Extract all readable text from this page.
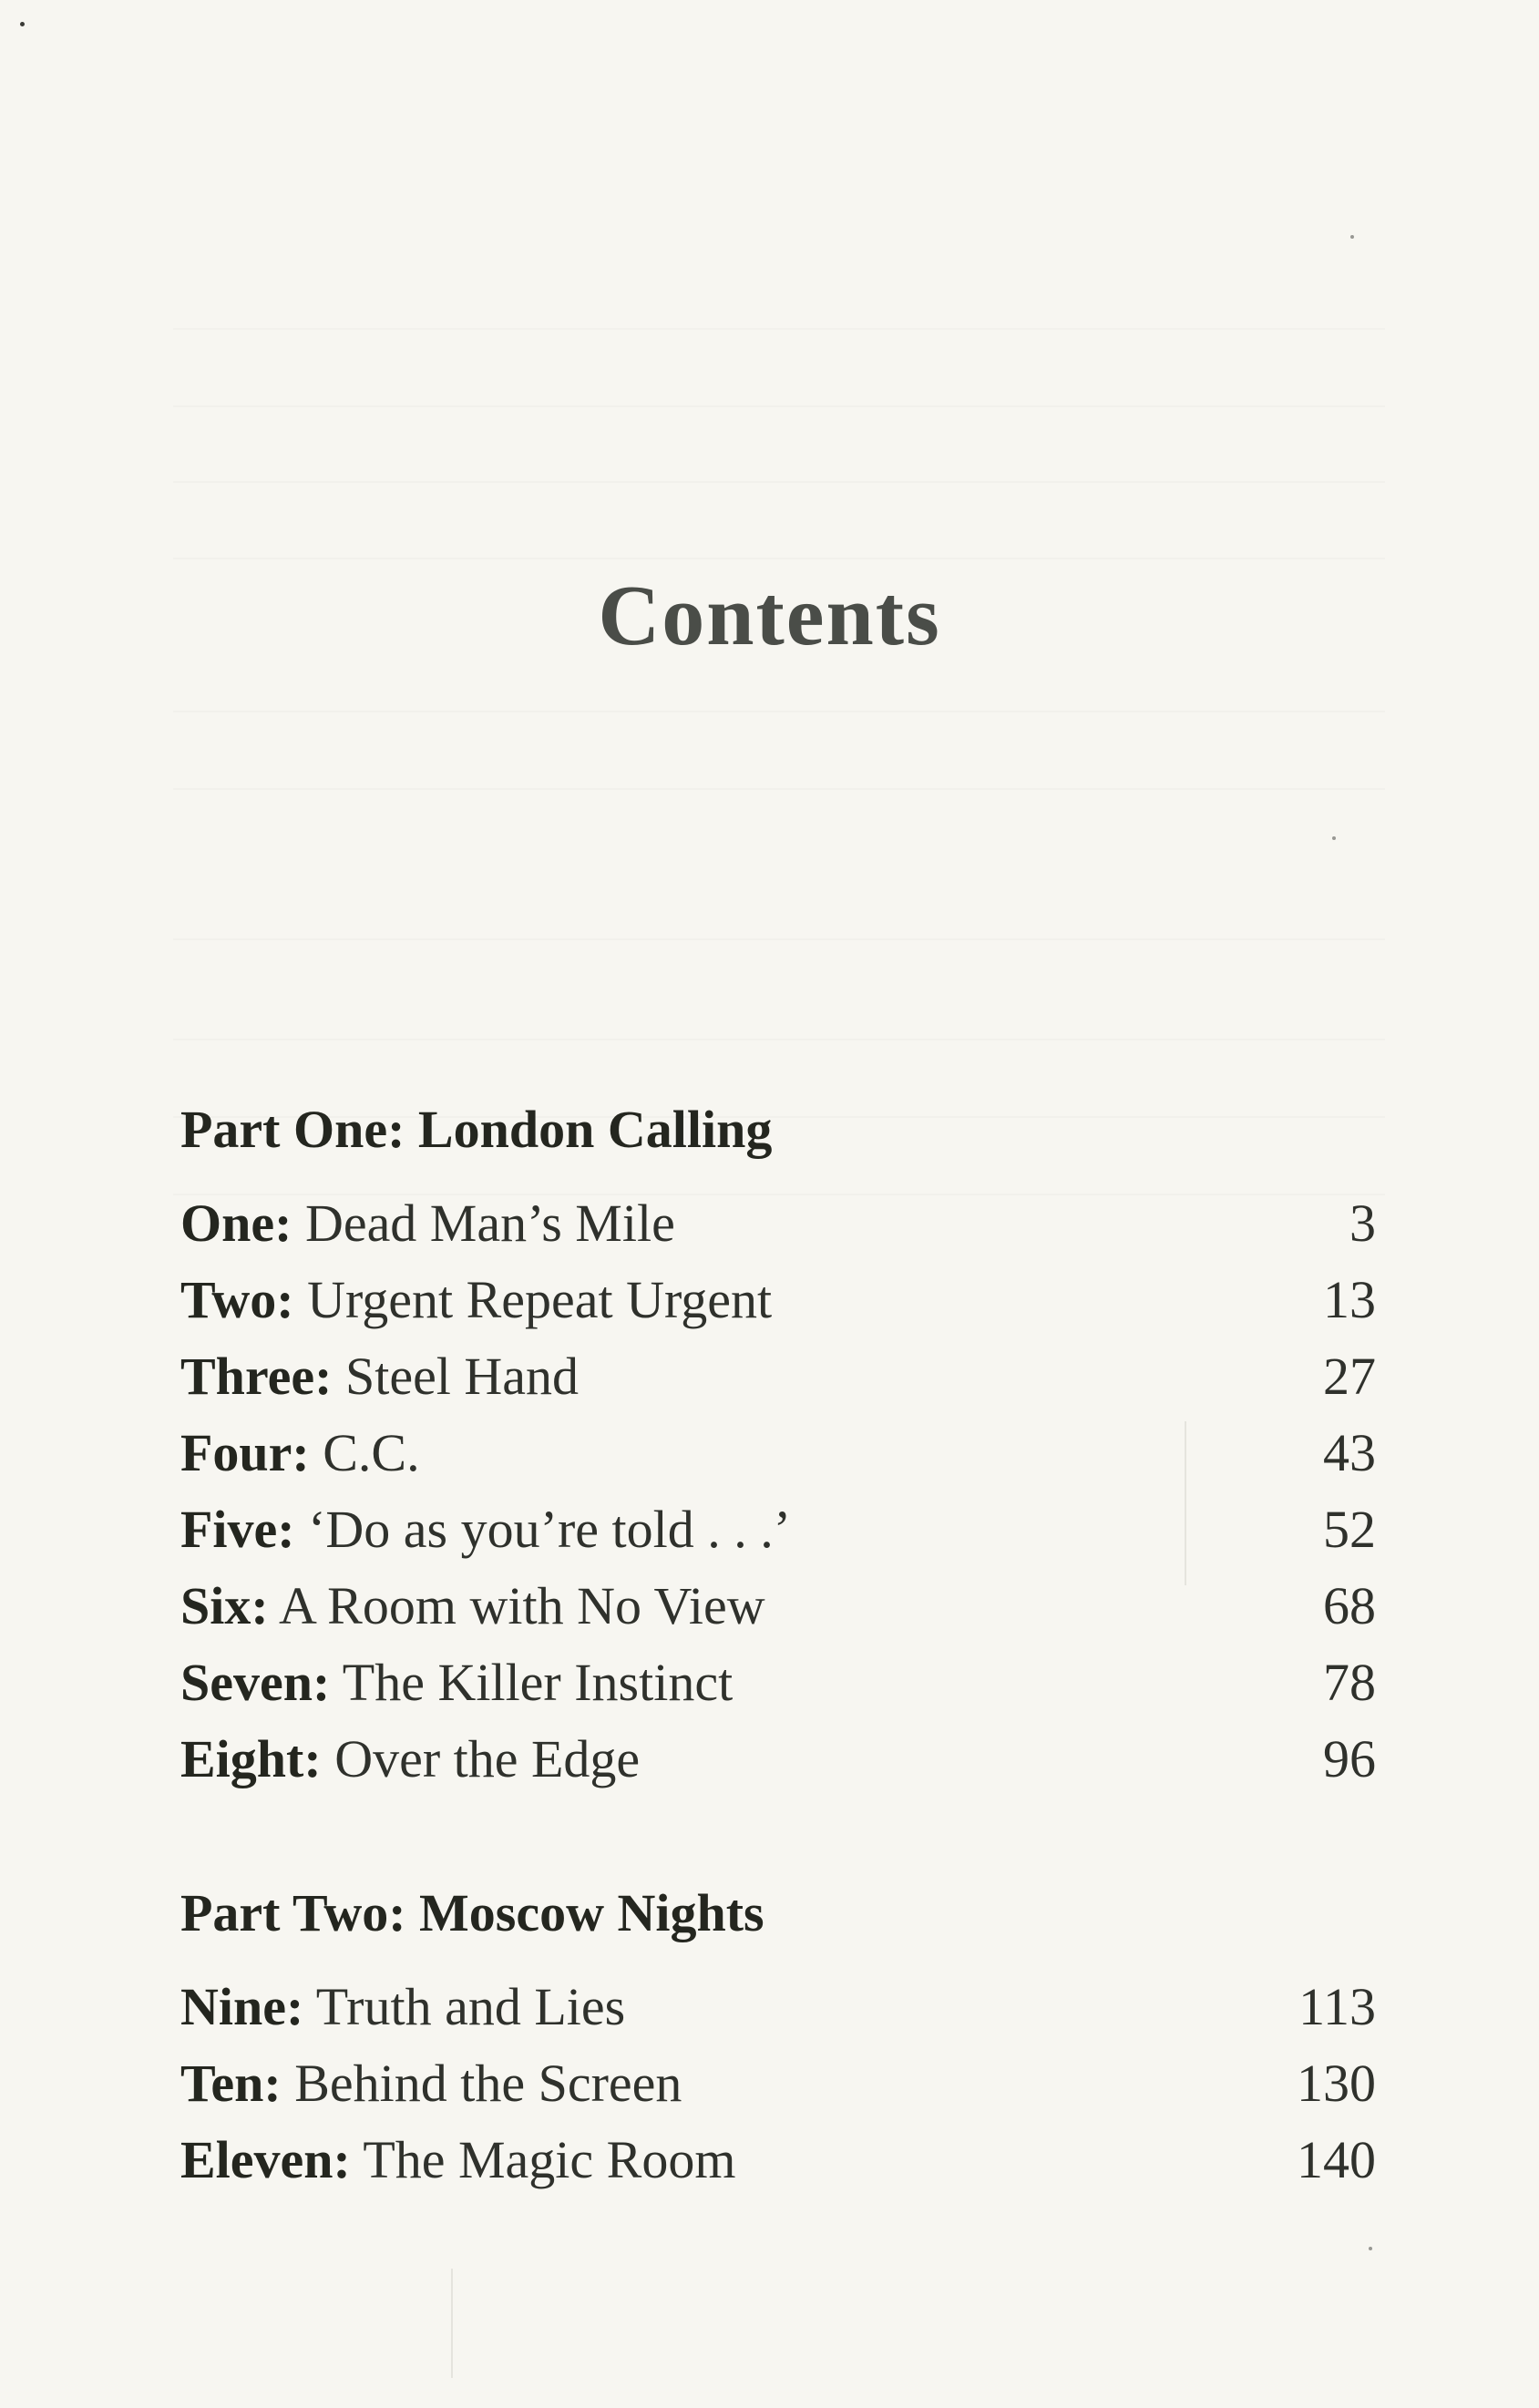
Contents
Part One: London Calling
One: Dead Man’s Mile	3
Two: Urgent Repeat Urgent	13
Three: Steel Hand	27
Four: C.C.	43
Five: ‘Do as you’re told . . .’	52
Six: A Room with No View	68
Seven: The Killer Instinct	78
Eight: Over the Edge	96
Part Two: Moscow Nights
Nine: Truth and Lies	113
Ten: Behind the Screen	130
Eleven: The Magic Room	140
